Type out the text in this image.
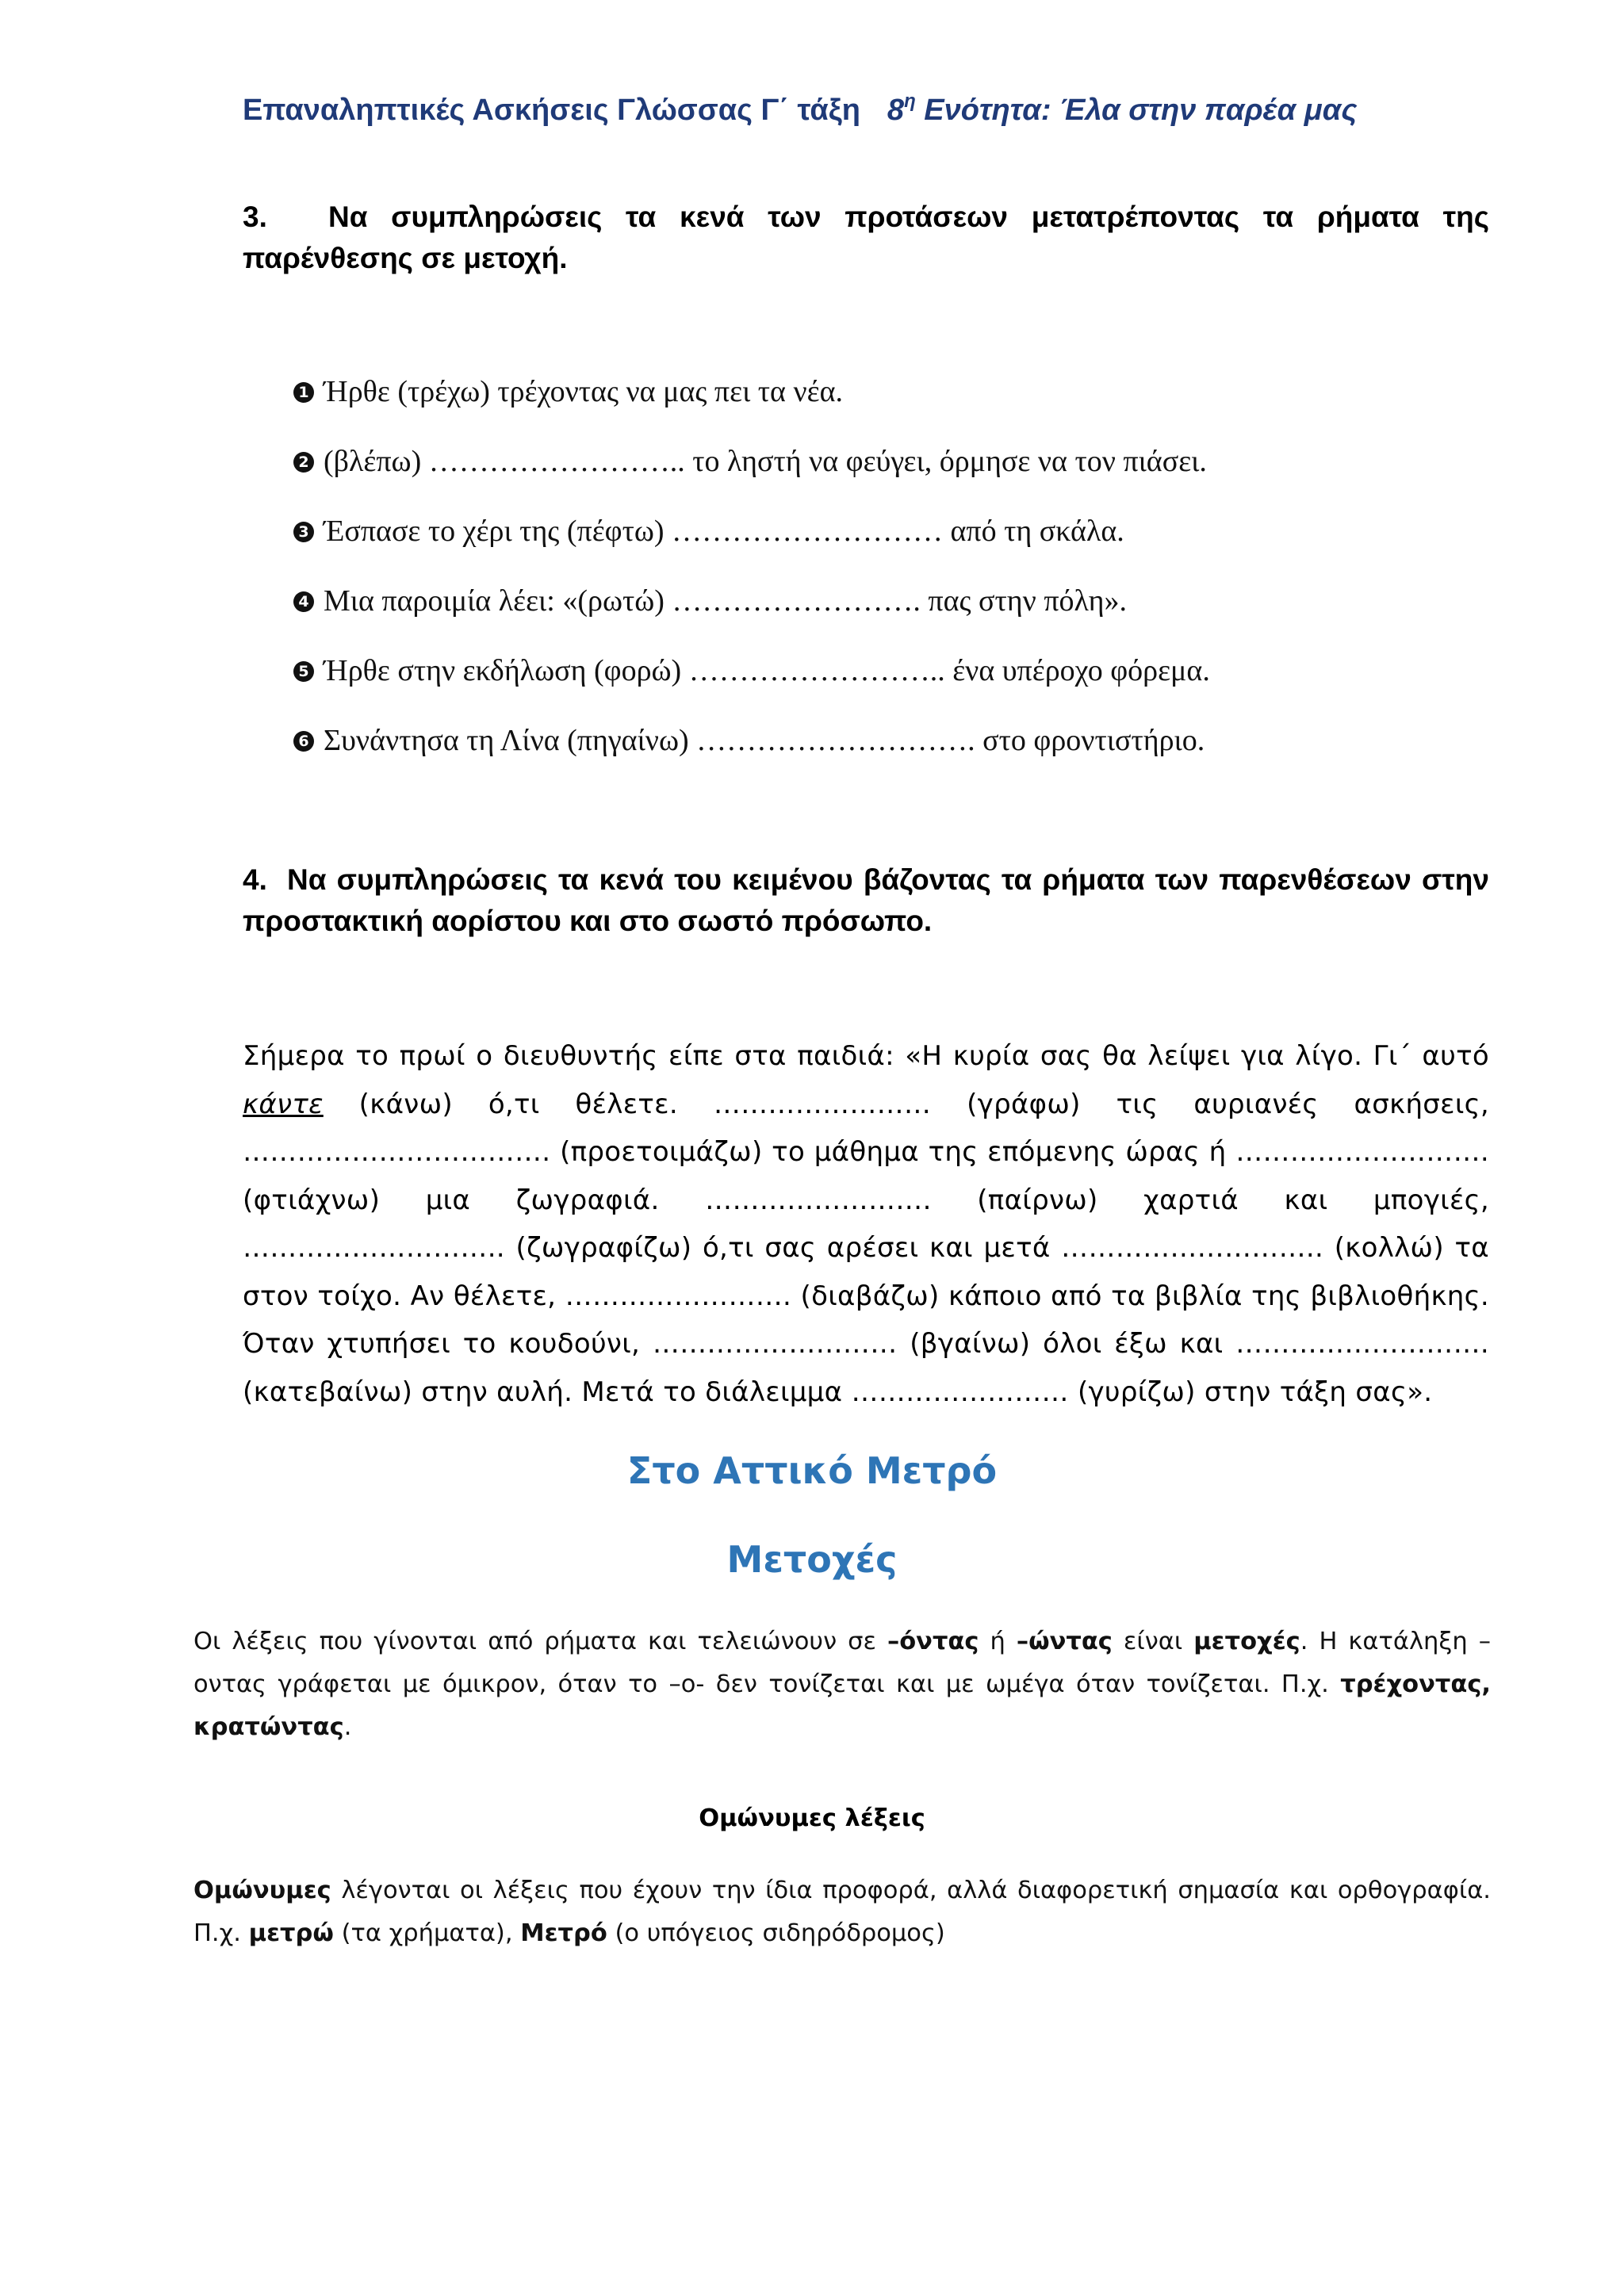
Επαναληπτικές Ασκήσεις Γλώσσας Γ΄ τάξη $8^\eta$ Ενότητα: Έλα στην παρέα μας
3. Να συμπληρώσεις τα κενά των προτάσεων μετατρέποντας τα ρήματα της παρένθεσης σε μετοχή.
1 Ήρθε (τρέχω) τρέχοντας να μας πει τα νέα.
2 (βλέπω) …………………….. το ληστή να φεύγει, όρμησε να τον πιάσει.
3 Έσπασε το χέρι της (πέφτω) ……………………… από τη σκάλα.
4 Μια παροιμία λέει: «(ρωτώ) ……………………. πας στην πόλη».
5 Ήρθε στην εκδήλωση (φορώ) …………………….. ένα υπέροχο φόρεμα.
6 Συνάντησα τη Λίνα (πηγαίνω) ………………………. στο φροντιστήριο.
4. Να συμπληρώσεις τα κενά του κειμένου βάζοντας τα ρήματα των παρενθέσεων στην προστακτική αορίστου και στο σωστό πρόσωπο.
Σήμερα το πρωί ο διευθυντής είπε στα παιδιά: «Η κυρία σας θα λείψει για λίγο. Γι΄ αυτό κάντε (κάνω) ό,τι θέλετε. …………………… (γράφω) τις αυριανές ασκήσεις, ……………………………. (προετοιμάζω) το μάθημα της επόμενης ώρας ή ………………………. (φτιάχνω) μια ζωγραφιά. ……………………. (παίρνω) χαρτιά και μπογιές, ……………………….. (ζωγραφίζω) ό,τι σας αρέσει και μετά ……………………….. (κολλώ) τα στον τοίχο. Αν θέλετε, ……………………. (διαβάζω) κάποιο από τα βιβλία της βιβλιοθήκης. Όταν χτυπήσει το κουδούνι, ……………………… (βγαίνω) όλοι έξω και ………………………. (κατεβαίνω) στην αυλή. Μετά το διάλειμμα …………………… (γυρίζω) στην τάξη σας».
Στο Αττικό Μετρό
Μετοχές
Οι λέξεις που γίνονται από ρήματα και τελειώνουν σε –όντας ή –ώντας είναι μετοχές. Η κατάληξη –οντας γράφεται με όμικρον, όταν το –ο- δεν τονίζεται και με ωμέγα όταν τονίζεται. Π.χ. τρέχοντας, κρατώντας.
Ομώνυμες λέξεις
Ομώνυμες λέγονται οι λέξεις που έχουν την ίδια προφορά, αλλά διαφορετική σημασία και ορθογραφία. Π.χ. μετρώ (τα χρήματα), Μετρό (ο υπόγειος σιδηρόδρομος)
